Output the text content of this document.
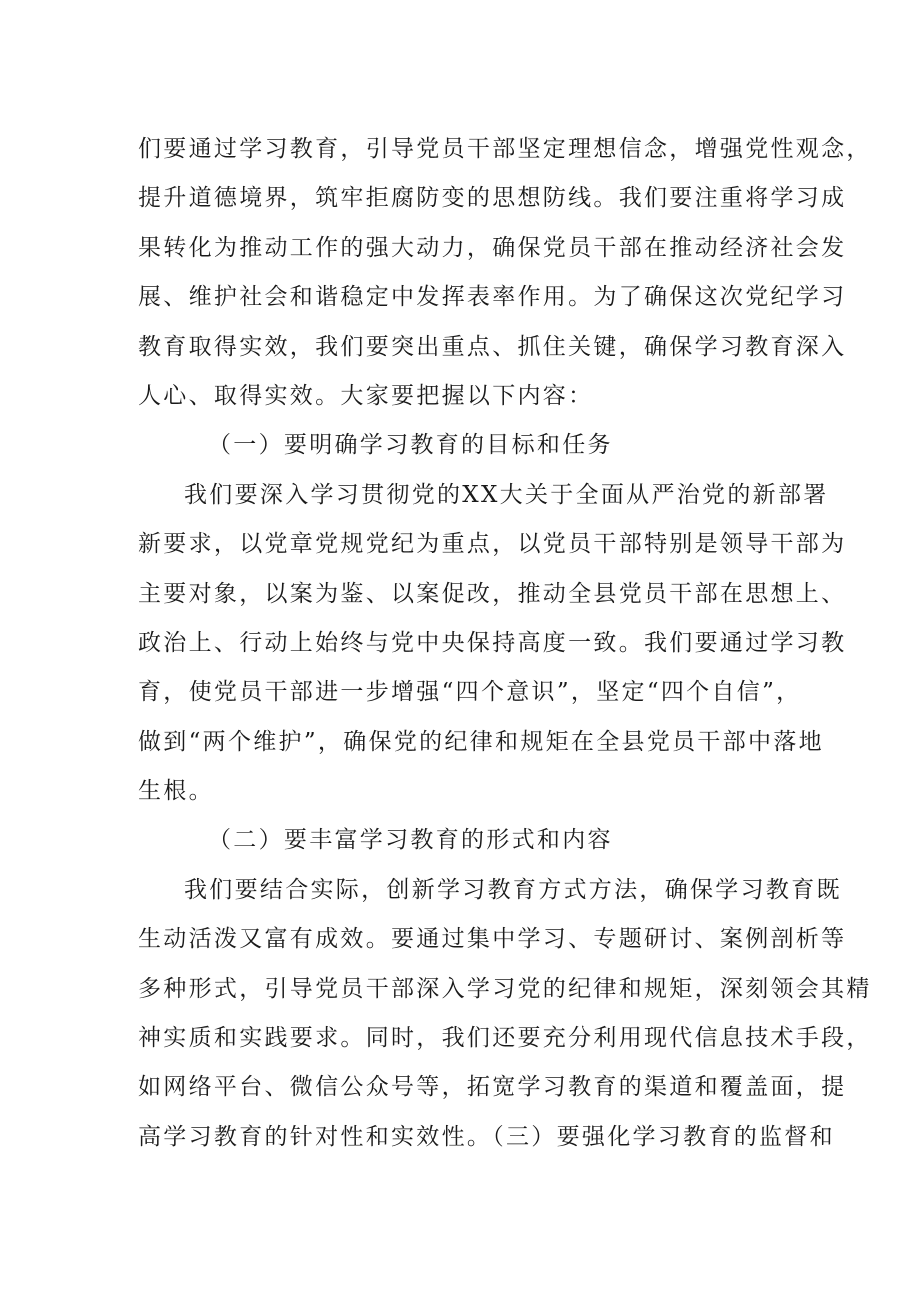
们要通过学习教育，引导党员干部坚定理想信念，增强党性观念，
提升道德境界，筑牢拒腐防变的思想防线。我们要注重将学习成
果转化为推动工作的强大动力，确保党员干部在推动经济社会发
展、维护社会和谐稳定中发挥表率作用。为了确保这次党纪学习
教育取得实效，我们要突出重点、抓住关键，确保学习教育深入
人心、取得实效。大家要把握以下内容：
（一）要明确学习教育的目标和任务
我们要深入学习贯彻党的XX大关于全面从严治党的新部署
新要求，以党章党规党纪为重点，以党员干部特别是领导干部为
主要对象，以案为鉴、以案促改，推动全县党员干部在思想上、
政治上、行动上始终与党中央保持高度一致。我们要通过学习教
育，使党员干部进一步增强“四个意识”，坚定“四个自信”，
做到“两个维护”，确保党的纪律和规矩在全县党员干部中落地
生根。
（二）要丰富学习教育的形式和内容
我们要结合实际，创新学习教育方式方法，确保学习教育既
生动活泼又富有成效。要通过集中学习、专题研讨、案例剖析等
多种形式，引导党员干部深入学习党的纪律和规矩，深刻领会其精
神实质和实践要求。同时，我们还要充分利用现代信息技术手段，
如网络平台、微信公众号等，拓宽学习教育的渠道和覆盖面，提
高学习教育的针对性和实效性。（三）要强化学习教育的监督和
